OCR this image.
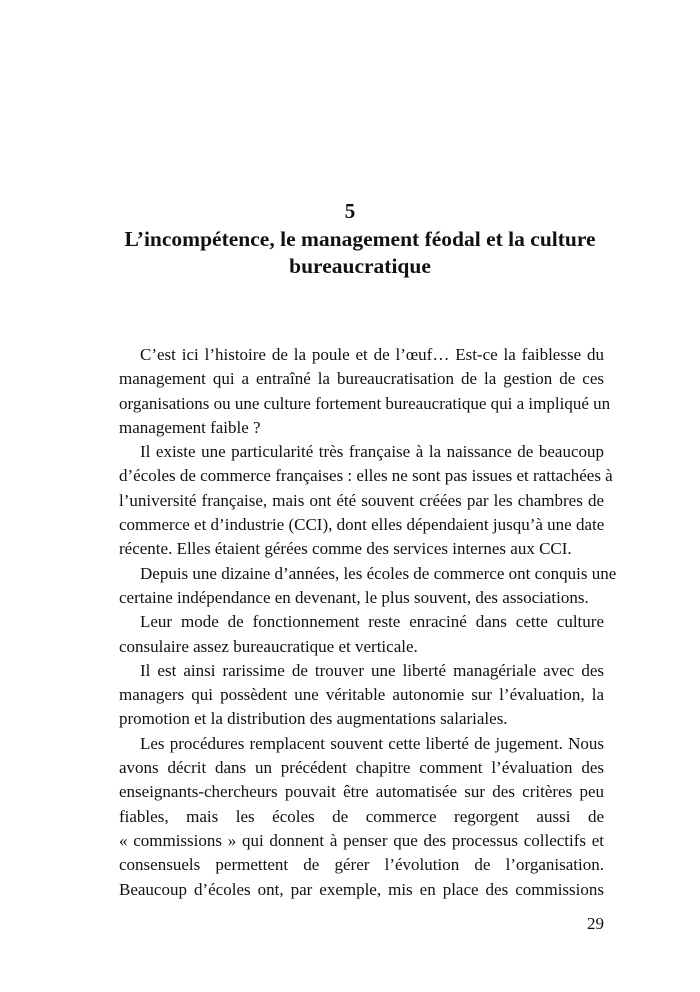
5
L’incompétence, le management féodal et la culture
bureaucratique
C’est ici l’histoire de la poule et de l’œuf… Est-ce la faiblesse du
management qui a entraîné la bureaucratisation de la gestion de ces
organisations ou une culture fortement bureaucratique qui a impliqué un
management faible ?
Il existe une particularité très française à la naissance de beaucoup
d’écoles de commerce françaises : elles ne sont pas issues et rattachées à
l’université française, mais ont été souvent créées par les chambres de
commerce et d’industrie (CCI), dont elles dépendaient jusqu’à une date
récente. Elles étaient gérées comme des services internes aux CCI.
Depuis une dizaine d’années, les écoles de commerce ont conquis une
certaine indépendance en devenant, le plus souvent, des associations.
Leur mode de fonctionnement reste enraciné dans cette culture
consulaire assez bureaucratique et verticale.
Il est ainsi rarissime de trouver une liberté managériale avec des
managers qui possèdent une véritable autonomie sur l’évaluation, la
promotion et la distribution des augmentations salariales.
Les procédures remplacent souvent cette liberté de jugement. Nous
avons décrit dans un précédent chapitre comment l’évaluation des
enseignants-chercheurs pouvait être automatisée sur des critères peu
fiables, mais les écoles de commerce regorgent aussi de
« commissions » qui donnent à penser que des processus collectifs et
consensuels permettent de gérer l’évolution de l’organisation.
Beaucoup d’écoles ont, par exemple, mis en place des commissions
29
